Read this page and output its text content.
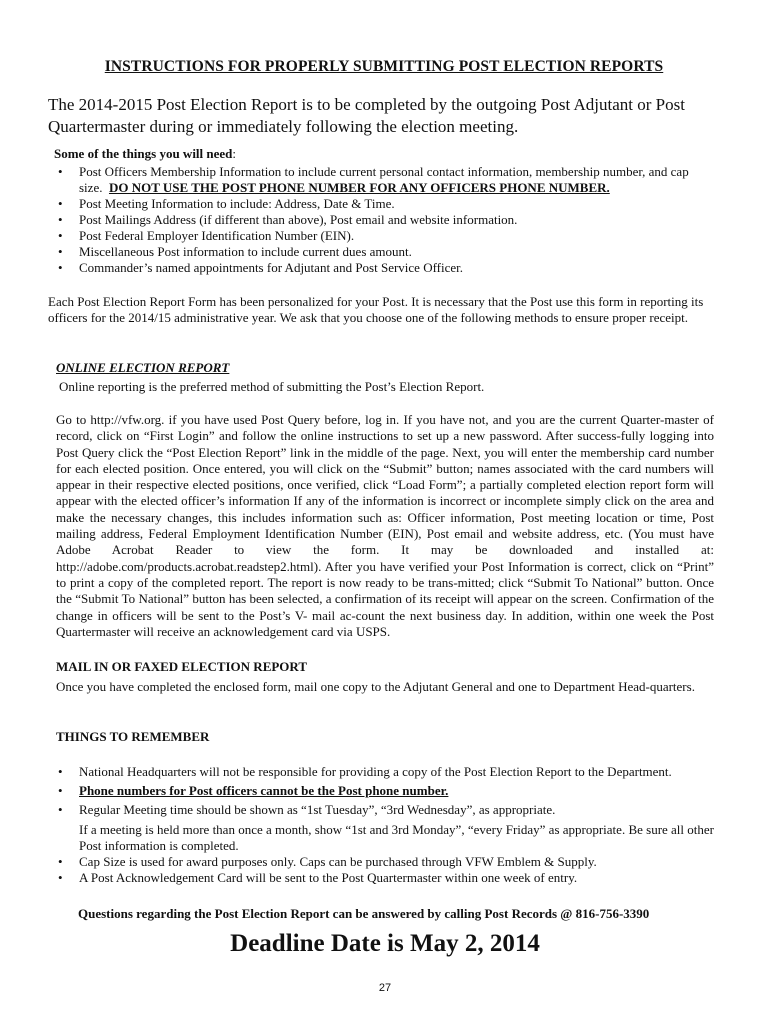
INSTRUCTIONS FOR PROPERLY SUBMITTING POST ELECTION REPORTS
The 2014-2015 Post Election Report is to be completed by the outgoing Post Adjutant or Post Quartermaster during or immediately following the election meeting.
Some of the things you will need:
• Post Officers Membership Information to include current personal contact information, membership number, and cap size. DO NOT USE THE POST PHONE NUMBER FOR ANY OFFICERS PHONE NUMBER.
• Post Meeting Information to include: Address, Date & Time.
• Post Mailings Address (if different than above), Post email and website information.
• Post Federal Employer Identification Number (EIN).
• Miscellaneous Post information to include current dues amount.
• Commander’s named appointments for Adjutant and Post Service Officer.
Each Post Election Report Form has been personalized for your Post. It is necessary that the Post use this form in reporting its officers for the 2014/15 administrative year. We ask that you choose one of the following methods to ensure proper receipt.
ONLINE ELECTION REPORT
Online reporting is the preferred method of submitting the Post’s Election Report.
Go to http://vfw.org. if you have used Post Query before, log in. If you have not, and you are the current Quarter-master of record, click on “First Login” and follow the online instructions to set up a new password. After success-fully logging into Post Query click the “Post Election Report” link in the middle of the page. Next, you will enter the membership card number for each elected position. Once entered, you will click on the “Submit” button; names associated with the card numbers will appear in their respective elected positions, once verified, click “Load Form”; a partially completed election report form will appear with the elected officer’s information If any of the information is incorrect or incomplete simply click on the area and make the necessary changes, this includes information such as: Officer information, Post meeting location or time, Post mailing address, Federal Employment Identification Number (EIN), Post email and website address, etc. (You must have Adobe Acrobat Reader to view the form. It may be downloaded and installed at: http://adobe.com/products.acrobat.readstep2.html). After you have verified your Post Information is correct, click on “Print” to print a copy of the completed report. The report is now ready to be trans-mitted; click “Submit To National” button. Once the “Submit To National” button has been selected, a confirmation of its receipt will appear on the screen. Confirmation of the change in officers will be sent to the Post’s V- mail ac-count the next business day. In addition, within one week the Post Quartermaster will receive an acknowledgement card via USPS.
MAIL IN OR FAXED ELECTION REPORT
Once you have completed the enclosed form, mail one copy to the Adjutant General and one to Department Head-quarters.
THINGS TO REMEMBER
• National Headquarters will not be responsible for providing a copy of the Post Election Report to the Department.
• Phone numbers for Post officers cannot be the Post phone number.
• Regular Meeting time should be shown as “1st Tuesday”, “3rd Wednesday”, as appropriate.
If a meeting is held more than once a month, show “1st and 3rd Monday”, “every Friday” as appropriate. Be sure all other Post information is completed.
• Cap Size is used for award purposes only. Caps can be purchased through VFW Emblem & Supply.
• A Post Acknowledgement Card will be sent to the Post Quartermaster within one week of entry.
Questions regarding the Post Election Report can be answered by calling Post Records @ 816-756-3390
Deadline Date is May 2, 2014
27
